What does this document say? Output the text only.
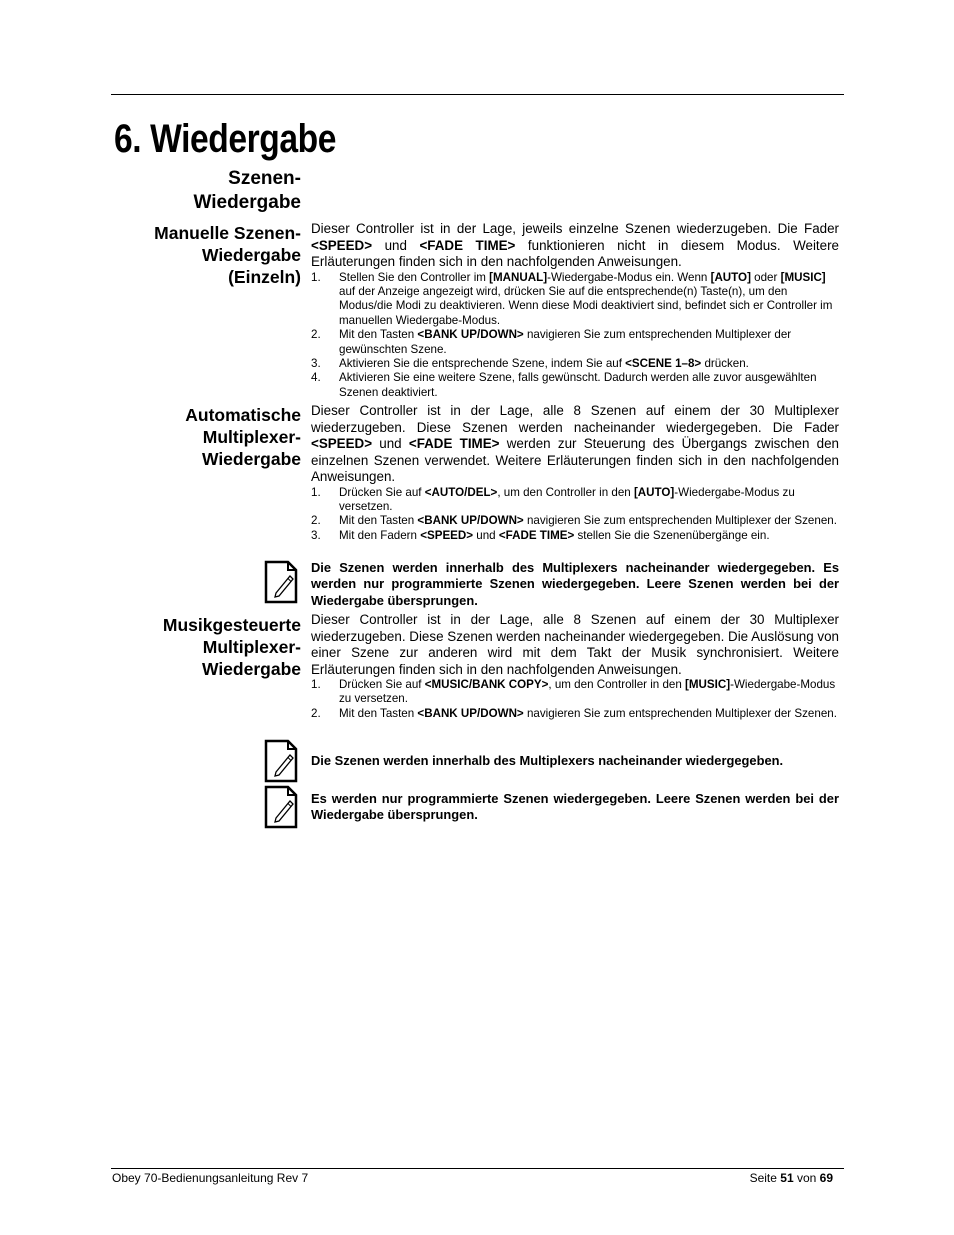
6. Wiedergabe
Szenen-
Wiedergabe
Manuelle Szenen-
Wiedergabe
(Einzeln)

Dieser Controller ist in der Lage, jeweils einzelne Szenen wiederzugeben. Die Fader <SPEED> und <FADE TIME> funktionieren nicht in diesem Modus. Weitere Erläuterungen finden sich in den nachfolgenden Anweisungen.

1. Stellen Sie den Controller im [MANUAL]-Wiedergabe-Modus ein. Wenn [AUTO] oder [MUSIC] auf der Anzeige angezeigt wird, drücken Sie auf die entsprechende(n) Taste(n), um den Modus/die Modi zu deaktivieren. Wenn diese Modi deaktiviert sind, befindet sich er Controller im manuellen Wiedergabe-Modus.
2. Mit den Tasten <BANK UP/DOWN> navigieren Sie zum entsprechenden Multiplexer der gewünschten Szene.
3. Aktivieren Sie die entsprechende Szene, indem Sie auf <SCENE 1–8> drücken.
4. Aktivieren Sie eine weitere Szene, falls gewünscht. Dadurch werden alle zuvor ausgewählten Szenen deaktiviert.
Automatische
Multiplexer-
Wiedergabe

Dieser Controller ist in der Lage, alle 8 Szenen auf einem der 30 Multiplexer wiederzugeben. Diese Szenen werden nacheinander wiedergegeben. Die Fader <SPEED> und <FADE TIME> werden zur Steuerung des Übergangs zwischen den einzelnen Szenen verwendet. Weitere Erläuterungen finden sich in den nachfolgenden Anweisungen.

1. Drücken Sie auf <AUTO/DEL>, um den Controller in den [AUTO]-Wiedergabe-Modus zu versetzen.
2. Mit den Tasten <BANK UP/DOWN> navigieren Sie zum entsprechenden Multiplexer der Szenen.
3. Mit den Fadern <SPEED> und <FADE TIME> stellen Sie die Szenenübergänge ein.

Die Szenen werden innerhalb des Multiplexers nacheinander wiedergegeben. Es werden nur programmierte Szenen wiedergegeben. Leere Szenen werden bei der Wiedergabe übersprungen.

Musikgesteuerte
Multiplexer-
Wiedergabe

Dieser Controller ist in der Lage, alle 8 Szenen auf einem der 30 Multiplexer wiederzugeben. Diese Szenen werden nacheinander wiedergegeben. Die Auslösung von einer Szene zur anderen wird mit dem Takt der Musik synchronisiert. Weitere Erläuterungen finden sich in den nachfolgenden Anweisungen.

1. Drücken Sie auf <MUSIC/BANK COPY>, um den Controller in den [MUSIC]-Wiedergabe-Modus zu versetzen.
2. Mit den Tasten <BANK UP/DOWN> navigieren Sie zum entsprechenden Multiplexer der Szenen.

Die Szenen werden innerhalb des Multiplexers nacheinander wiedergegeben.

Es werden nur programmierte Szenen wiedergegeben. Leere Szenen werden bei der Wiedergabe übersprungen.

Obey 70-Bedienungsanleitung Rev 7	Seite 51 von 69
